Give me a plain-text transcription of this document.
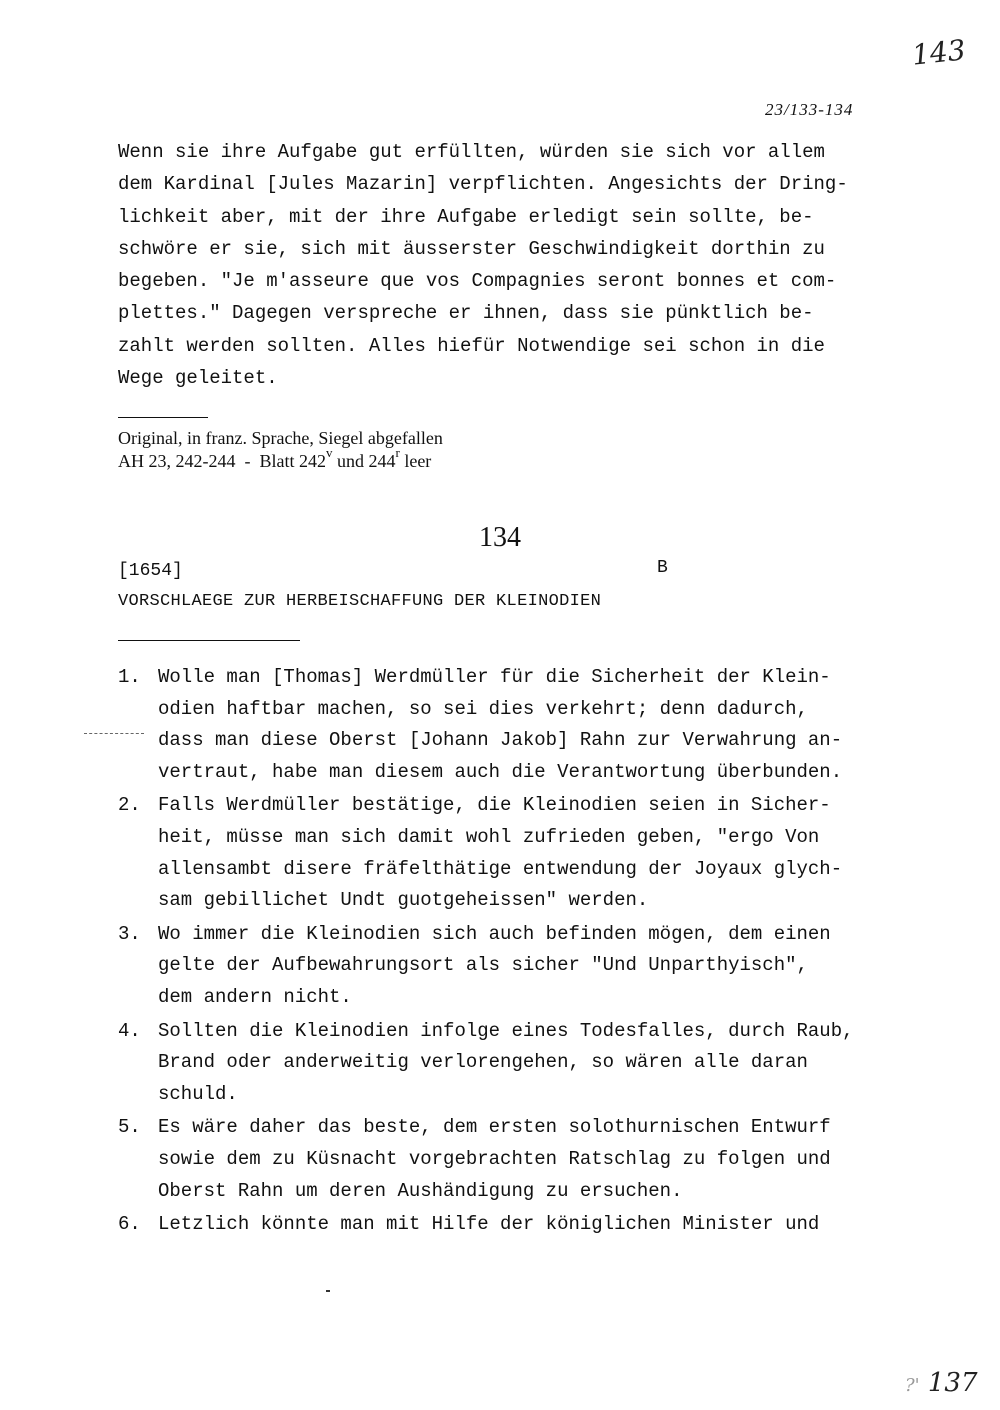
143
23/133-134
Wenn sie ihre Aufgabe gut erfüllten, würden sie sich vor allem
dem Kardinal [Jules Mazarin] verpflichten. Angesichts der Dring-
lichkeit aber, mit der ihre Aufgabe erledigt sein sollte, be-
schwöre er sie, sich mit äusserster Geschwindigkeit dorthin zu
begeben. "Je m'asseure que vos Compagnies seront bonnes et com-
plettes." Dagegen verspreche er ihnen, dass sie pünktlich be-
zahlt werden sollten. Alles hiefür Notwendige sei schon in die
Wege geleitet.
Original, in franz. Sprache, Siegel abgefallen
AH 23, 242-244  -  Blatt 242$^v$ und 244$^r$ leer
134
[1654]	B
VORSCHLAEGE ZUR HERBEISCHAFFUNG DER KLEINODIEN
1. Wolle man [Thomas] Werdmüller für die Sicherheit der Klein-
odien haftbar machen, so sei dies verkehrt; denn dadurch,
dass man diese Oberst [Johann Jakob] Rahn zur Verwahrung an-
vertraut, habe man diesem auch die Verantwortung überbunden.
2. Falls Werdmüller bestätige, die Kleinodien seien in Sicher-
heit, müsse man sich damit wohl zufrieden geben, "ergo Von
allensambt disere fräfelthätige entwendung der Joyaux glych-
sam gebillichet Undt guotgeheissen" werden.
3. Wo immer die Kleinodien sich auch befinden mögen, dem einen
gelte der Aufbewahrungsort als sicher "Und Unparthyisch",
dem andern nicht.
4. Sollten die Kleinodien infolge eines Todesfalles, durch Raub,
Brand oder anderweitig verlorengehen, so wären alle daran
schuld.
5. Es wäre daher das beste, dem ersten solothurnischen Entwurf
sowie dem zu Küsnacht vorgebrachten Ratschlag zu folgen und
Oberst Rahn um deren Aushändigung zu ersuchen.
6. Letzlich könnte man mit Hilfe der königlichen Minister und
?' 137
